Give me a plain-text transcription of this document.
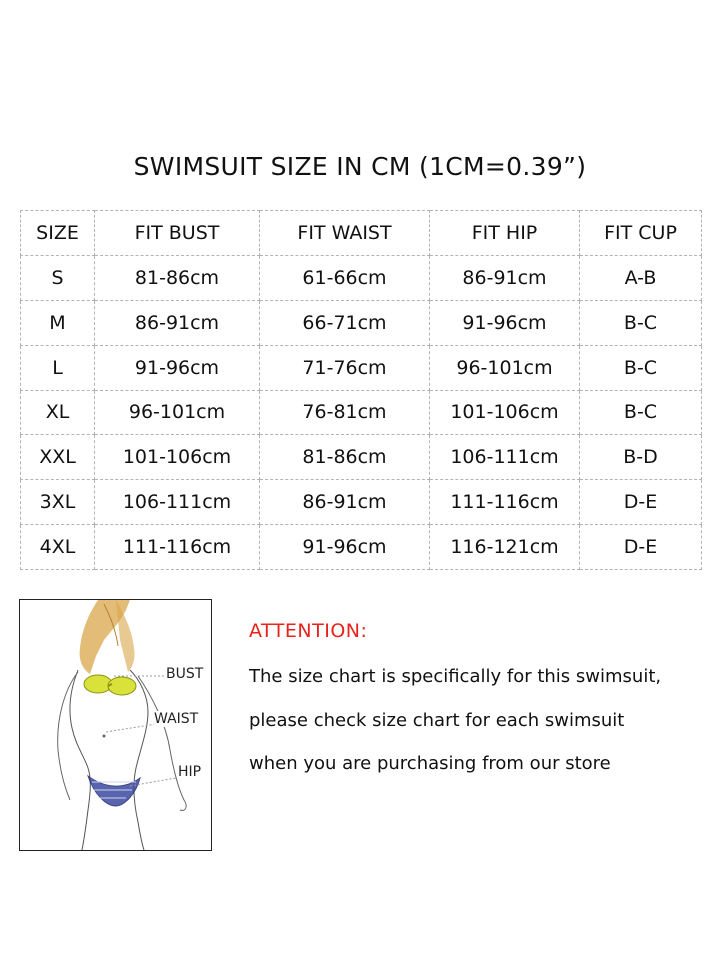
SWIMSUIT SIZE IN CM (1CM=0.39”)
SIZE	FIT BUST	FIT WAIST	FIT HIP	FIT CUP
S	81-86cm	61-66cm	86-91cm	A-B
M	86-91cm	66-71cm	91-96cm	B-C
L	91-96cm	71-76cm	96-101cm	B-C
XL	96-101cm	76-81cm	101-106cm	B-C
XXL	101-106cm	81-86cm	106-111cm	B-D
3XL	106-111cm	86-91cm	111-116cm	D-E
4XL	111-116cm	91-96cm	116-121cm	D-E
BUST
WAIST
HIP
ATTENTION:
The size chart is specifically for this swimsuit,
please check size chart for each swimsuit
when you are purchasing from our store
